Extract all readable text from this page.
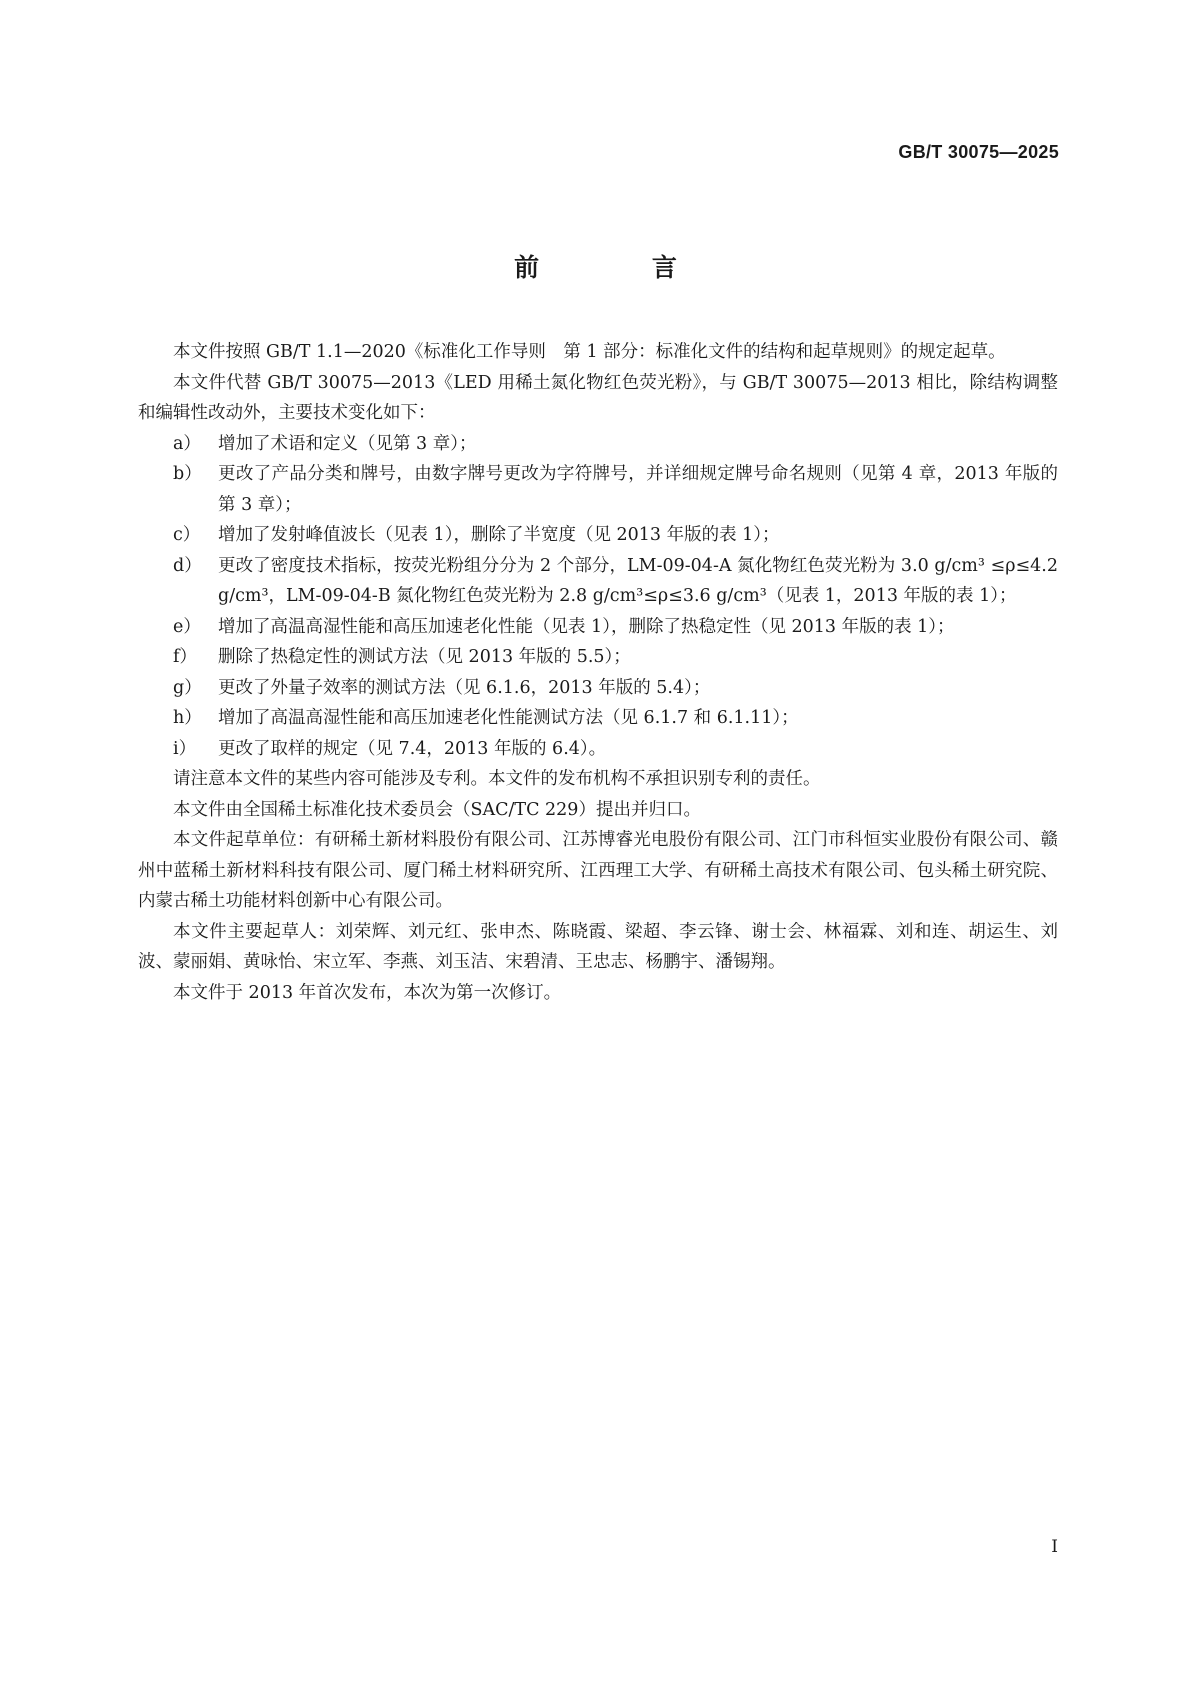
GB/T 30075—2025
前 言

本文件按照 GB/T 1.1—2020《标准化工作导则　第 1 部分：标准化文件的结构和起草规则》的规定起草。

本文件代替 GB/T 30075—2013《LED 用稀土氮化物红色荧光粉》，与 GB/T 30075—2013 相比，除结构调整和编辑性改动外，主要技术变化如下：

a） 增加了术语和定义（见第 3 章）；
b） 更改了产品分类和牌号，由数字牌号更改为字符牌号，并详细规定牌号命名规则（见第 4 章，2013 年版的第 3 章）；
c）	增加了发射峰值波长（见表 1），删除了半宽度（见 2013 年版的表 1）；
d） 更改了密度技术指标，按荧光粉组分分为 2 个部分，LM-09-04-A 氮化物红色荧光粉为 3.0 g/cm³ ≤ρ≤4.2 g/cm³，LM-09-04-B 氮化物红色荧光粉为 2.8 g/cm³≤ρ≤3.6 g/cm³（见表 1，2013 年版的表 1）；
e） 增加了高温高湿性能和高压加速老化性能（见表 1），删除了热稳定性（见 2013 年版的表 1）；
f）	删除了热稳定性的测试方法（见 2013 年版的 5.5）；
g） 更改了外量子效率的测试方法（见 6.1.6，2013 年版的 5.4）；
h） 增加了高温高湿性能和高压加速老化性能测试方法（见 6.1.7 和 6.1.11）；
i）	更改了取样的规定（见 7.4，2013 年版的 6.4）。

请注意本文件的某些内容可能涉及专利。本文件的发布机构不承担识别专利的责任。

本文件由全国稀土标准化技术委员会（SAC/TC 229）提出并归口。

本文件起草单位：有研稀土新材料股份有限公司、江苏博睿光电股份有限公司、江门市科恒实业股份有限公司、赣州中蓝稀土新材料科技有限公司、厦门稀土材料研究所、江西理工大学、有研稀土高技术有限公司、包头稀土研究院、内蒙古稀土功能材料创新中心有限公司。

本文件主要起草人：刘荣辉、刘元红、张申杰、陈晓霞、梁超、李云锋、谢士会、林福霖、刘和连、胡运生、刘波、蒙丽娟、黄咏怡、宋立军、李燕、刘玉洁、宋碧清、王忠志、杨鹏宇、潘锡翔。

本文件于 2013 年首次发布，本次为第一次修订。

I
